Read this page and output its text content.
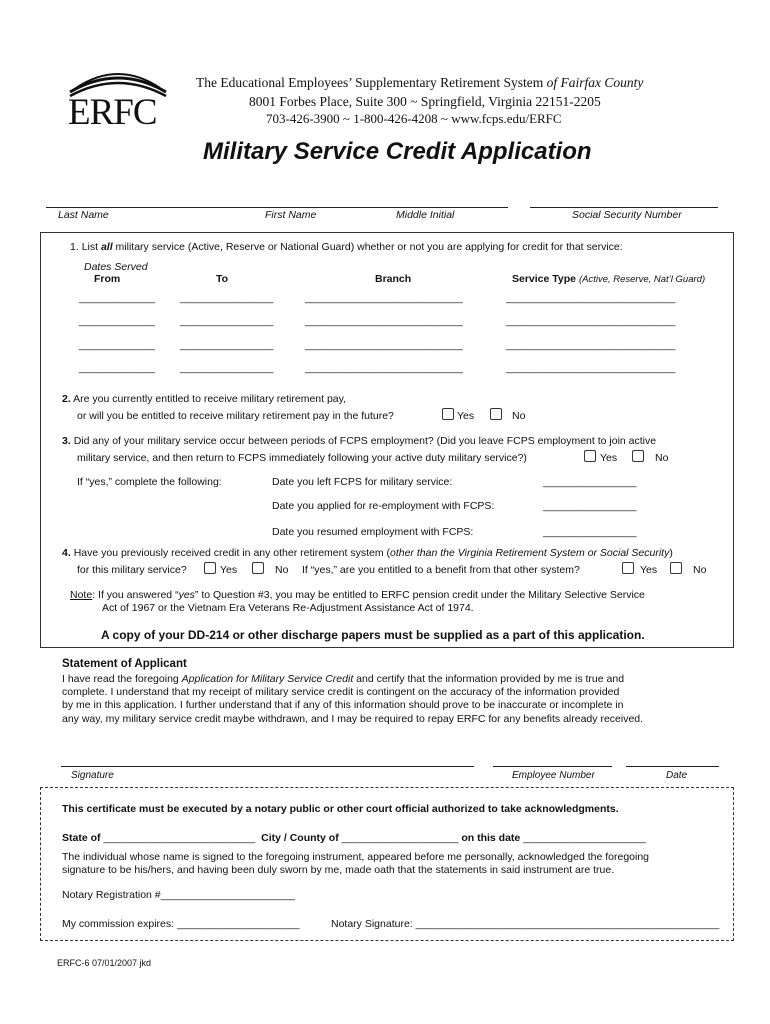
ERFC
The Educational Employees’ Supplementary Retirement System of Fairfax County
8001 Forbes Place, Suite 300 ~ Springfield, Virginia 22151-2205
703-426-3900 ~ 1-800-426-4208 ~ www.fcps.edu/ERFC
Military Service Credit Application
Last Name	First Name	Middle Initial	Social Security Number
1. List all military service (Active, Reserve or National Guard) whether or not you are applying for credit for that service:
Dates Served
From	To	Branch	Service Type (Active, Reserve, Nat’l Guard)
_____________ ________________	___________________________	_____________________________
_____________ ________________	___________________________	_____________________________
_____________ ________________	___________________________	_____________________________
_____________ ________________	___________________________	_____________________________
2. Are you currently entitled to receive military retirement pay,
or will you be entitled to receive military retirement pay in the future?	Yes	No
3. Did any of your military service occur between periods of FCPS employment? (Did you leave FCPS employment to join active
military service, and then return to FCPS immediately following your active duty military service?)	Yes	No
If “yes,” complete the following:	Date you left FCPS for military service:	________________
Date you applied for re-employment with FCPS:	________________
Date you resumed employment with FCPS:	________________
4. Have you previously received credit in any other retirement system (other than the Virginia Retirement System or Social Security)
for this military service?	Yes	No If “yes,” are you entitled to a benefit from that other system?	Yes	No
Note: If you answered “yes” to Question #3, you may be entitled to ERFC pension credit under the Military Selective Service
Act of 1967 or the Vietnam Era Veterans Re-Adjustment Assistance Act of 1974.
A copy of your DD-214 or other discharge papers must be supplied as a part of this application.
Statement of Applicant
I have read the foregoing Application for Military Service Credit and certify that the information provided by me is true and
complete. I understand that my receipt of military service credit is contingent on the accuracy of the information provided
by me in this application. I further understand that if any of this information should prove to be inaccurate or incomplete in
any way, my military service credit maybe withdrawn, and I may be required to repay ERFC for any benefits already received.
Signature	Employee Number	Date
This certificate must be executed by a notary public or other court official authorized to take acknowledgments.
State of __________________________ City / County of ____________________ on this date _____________________
The individual whose name is signed to the foregoing instrument, appeared before me personally, acknowledged the foregoing
signature to be his/hers, and having been duly sworn by me, made oath that the statements in said instrument are true.
Notary Registration #_______________________
My commission expires: _____________________	Notary Signature: ____________________________________________________
ERFC-6 07/01/2007 jkd
